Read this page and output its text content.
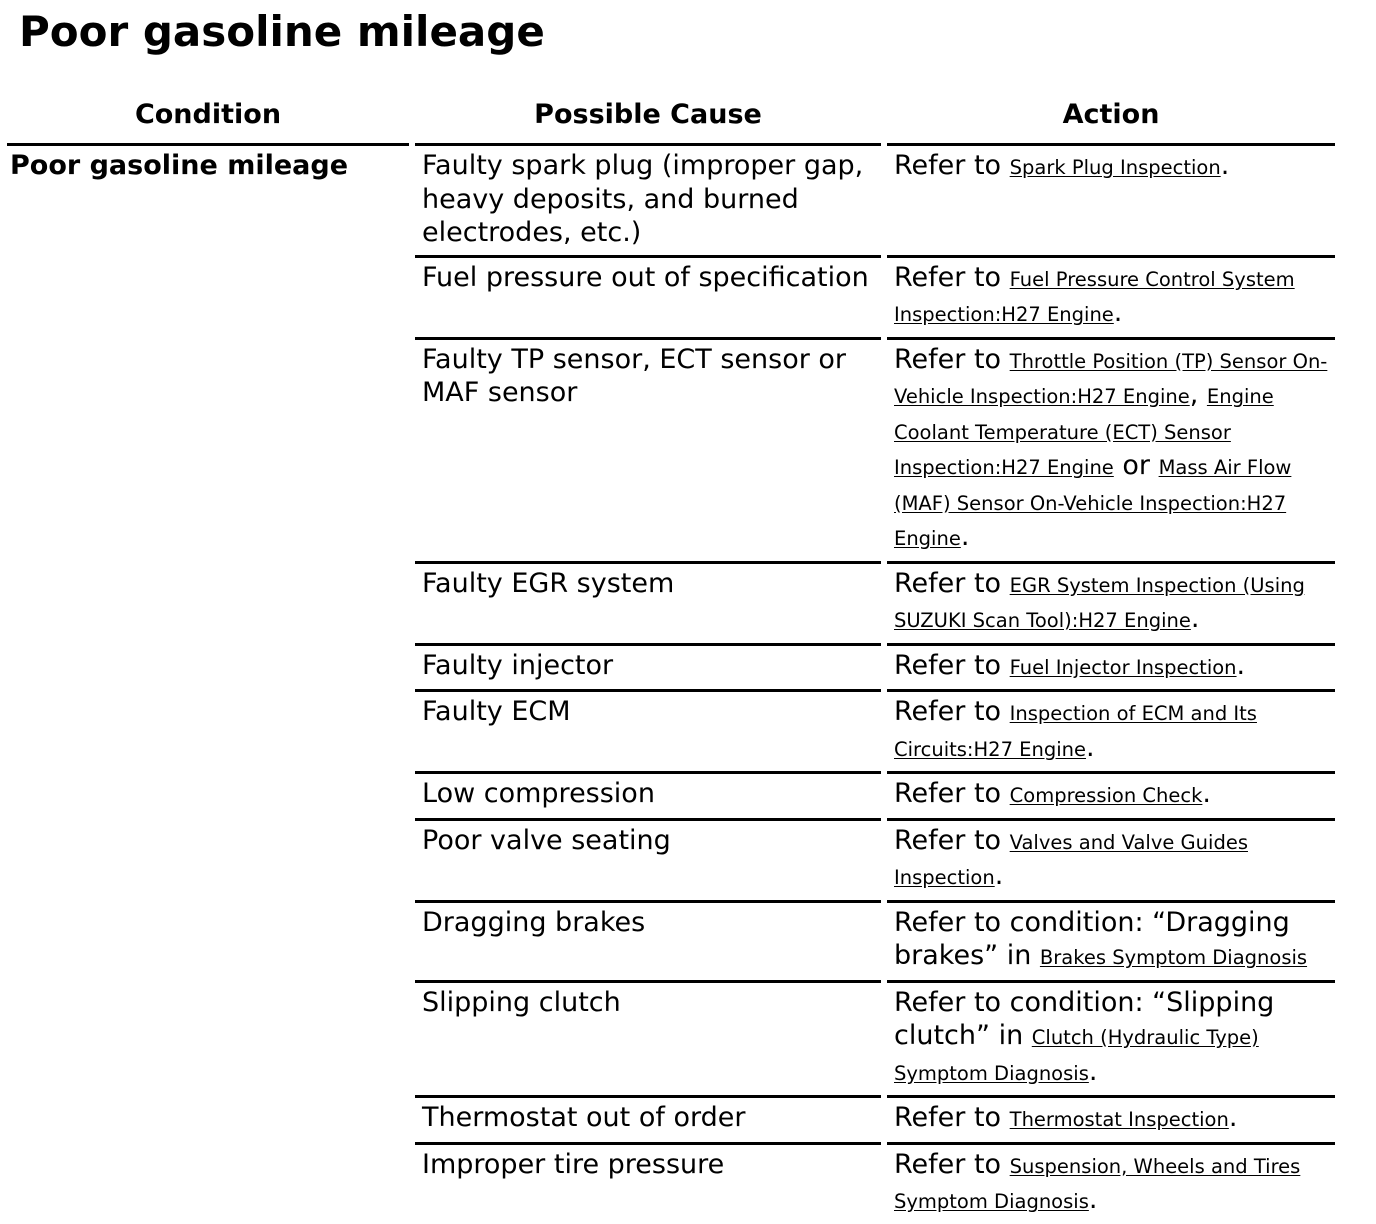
Poor gasoline mileage
Condition	Possible Cause	Action
Poor gasoline mileage	Faulty spark plug (improper gap, heavy deposits, and burned electrodes, etc.)	Refer to Spark Plug Inspection.
	Fuel pressure out of specification	Refer to Fuel Pressure Control System Inspection:H27 Engine.
	Faulty TP sensor, ECT sensor or MAF sensor	Refer to Throttle Position (TP) Sensor On-Vehicle Inspection:H27 Engine, Engine Coolant Temperature (ECT) Sensor Inspection:H27 Engine or Mass Air Flow (MAF) Sensor On-Vehicle Inspection:H27 Engine.
	Faulty EGR system	Refer to EGR System Inspection (Using SUZUKI Scan Tool):H27 Engine.
	Faulty injector	Refer to Fuel Injector Inspection.
	Faulty ECM	Refer to Inspection of ECM and Its Circuits:H27 Engine.
	Low compression	Refer to Compression Check.
	Poor valve seating	Refer to Valves and Valve Guides Inspection.
	Dragging brakes	Refer to condition: “Dragging brakes” in Brakes Symptom Diagnosis
	Slipping clutch	Refer to condition: “Slipping clutch” in Clutch (Hydraulic Type) Symptom Diagnosis.
	Thermostat out of order	Refer to Thermostat Inspection.
	Improper tire pressure	Refer to Suspension, Wheels and Tires Symptom Diagnosis.
